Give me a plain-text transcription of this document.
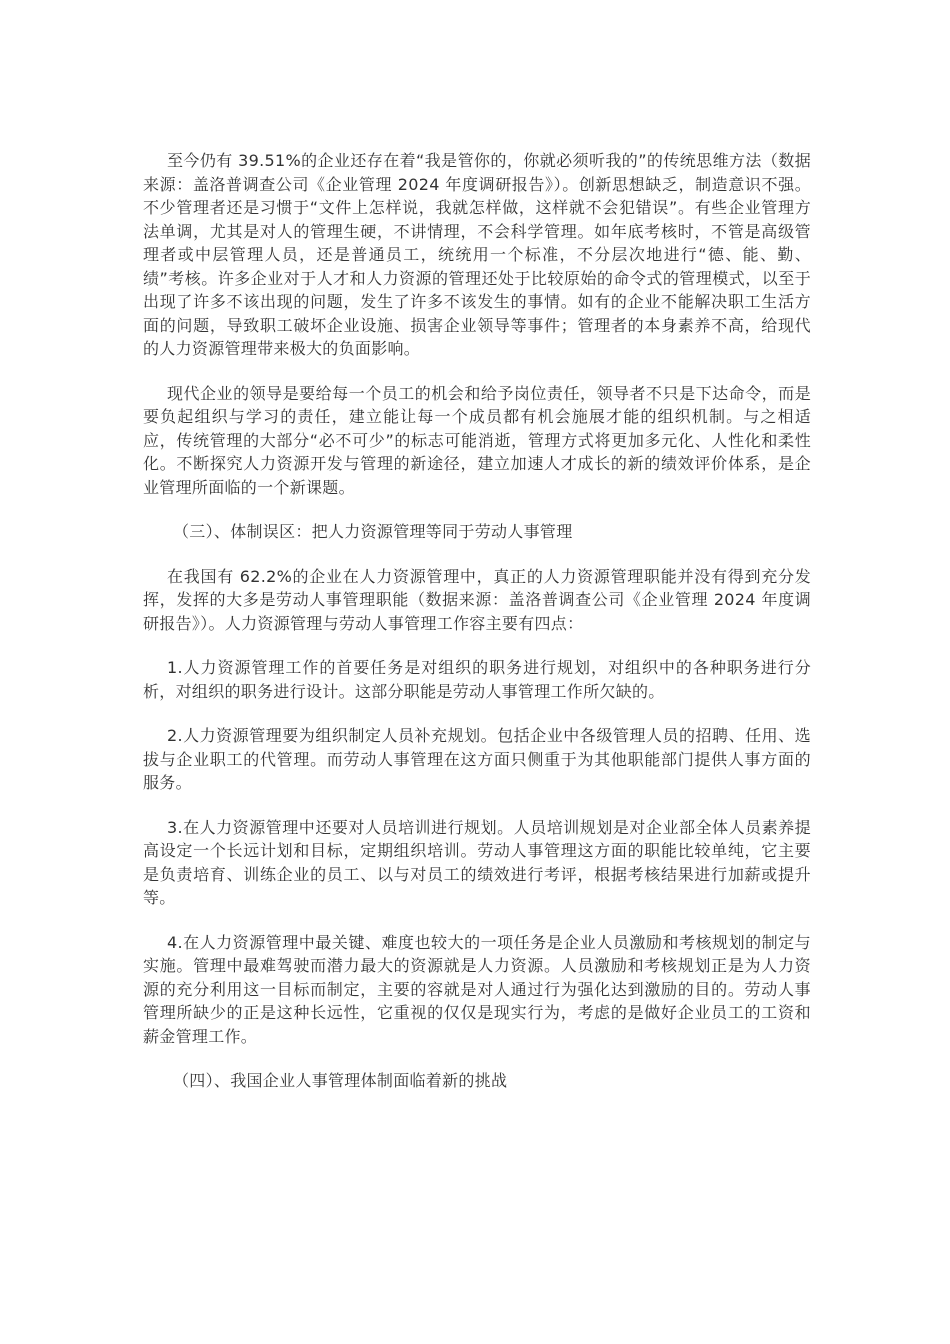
至今仍有 39.51%的企业还存在着“我是管你的，你就必须听我的”的传统思维方法（数据来源：盖洛普调查公司《企业管理 2024 年度调研报告》）。创新思想缺乏，制造意识不强。不少管理者还是习惯于“文件上怎样说，我就怎样做，这样就不会犯错误”。有些企业管理方法单调，尤其是对人的管理生硬，不讲情理，不会科学管理。如年底考核时，不管是高级管理者或中层管理人员，还是普通员工，统统用一个标准，不分层次地进行“德、能、勤、绩”考核。许多企业对于人才和人力资源的管理还处于比较原始的命令式的管理模式，以至于出现了许多不该出现的问题，发生了许多不该发生的事情。如有的企业不能解决职工生活方面的问题，导致职工破坏企业设施、损害企业领导等事件；管理者的本身素养不高，给现代的人力资源管理带来极大的负面影响。

现代企业的领导是要给每一个员工的机会和给予岗位责任，领导者不只是下达命令，而是要负起组织与学习的责任，建立能让每一个成员都有机会施展才能的组织机制。与之相适应，传统管理的大部分“必不可少”的标志可能消逝，管理方式将更加多元化、人性化和柔性化。不断探究人力资源开发与管理的新途径，建立加速人才成长的新的绩效评价体系，是企业管理所面临的一个新课题。

（三）、体制误区：把人力资源管理等同于劳动人事管理

在我国有 62.2%的企业在人力资源管理中，真正的人力资源管理职能并没有得到充分发挥，发挥的大多是劳动人事管理职能（数据来源：盖洛普调查公司《企业管理 2024 年度调研报告》）。人力资源管理与劳动人事管理工作容主要有四点：

1.人力资源管理工作的首要任务是对组织的职务进行规划，对组织中的各种职务进行分析，对组织的职务进行设计。这部分职能是劳动人事管理工作所欠缺的。

2.人力资源管理要为组织制定人员补充规划。包括企业中各级管理人员的招聘、任用、选拔与企业职工的代管理。而劳动人事管理在这方面只侧重于为其他职能部门提供人事方面的服务。

3.在人力资源管理中还要对人员培训进行规划。人员培训规划是对企业部全体人员素养提高设定一个长远计划和目标，定期组织培训。劳动人事管理这方面的职能比较单纯，它主要是负责培育、训练企业的员工、以与对员工的绩效进行考评，根据考核结果进行加薪或提升等。

4.在人力资源管理中最关键、难度也较大的一项任务是企业人员激励和考核规划的制定与实施。管理中最难驾驶而潜力最大的资源就是人力资源。人员激励和考核规划正是为人力资源的充分利用这一目标而制定，主要的容就是对人通过行为强化达到激励的目的。劳动人事管理所缺少的正是这种长远性，它重视的仅仅是现实行为，考虑的是做好企业员工的工资和薪金管理工作。

（四）、我国企业人事管理体制面临着新的挑战
